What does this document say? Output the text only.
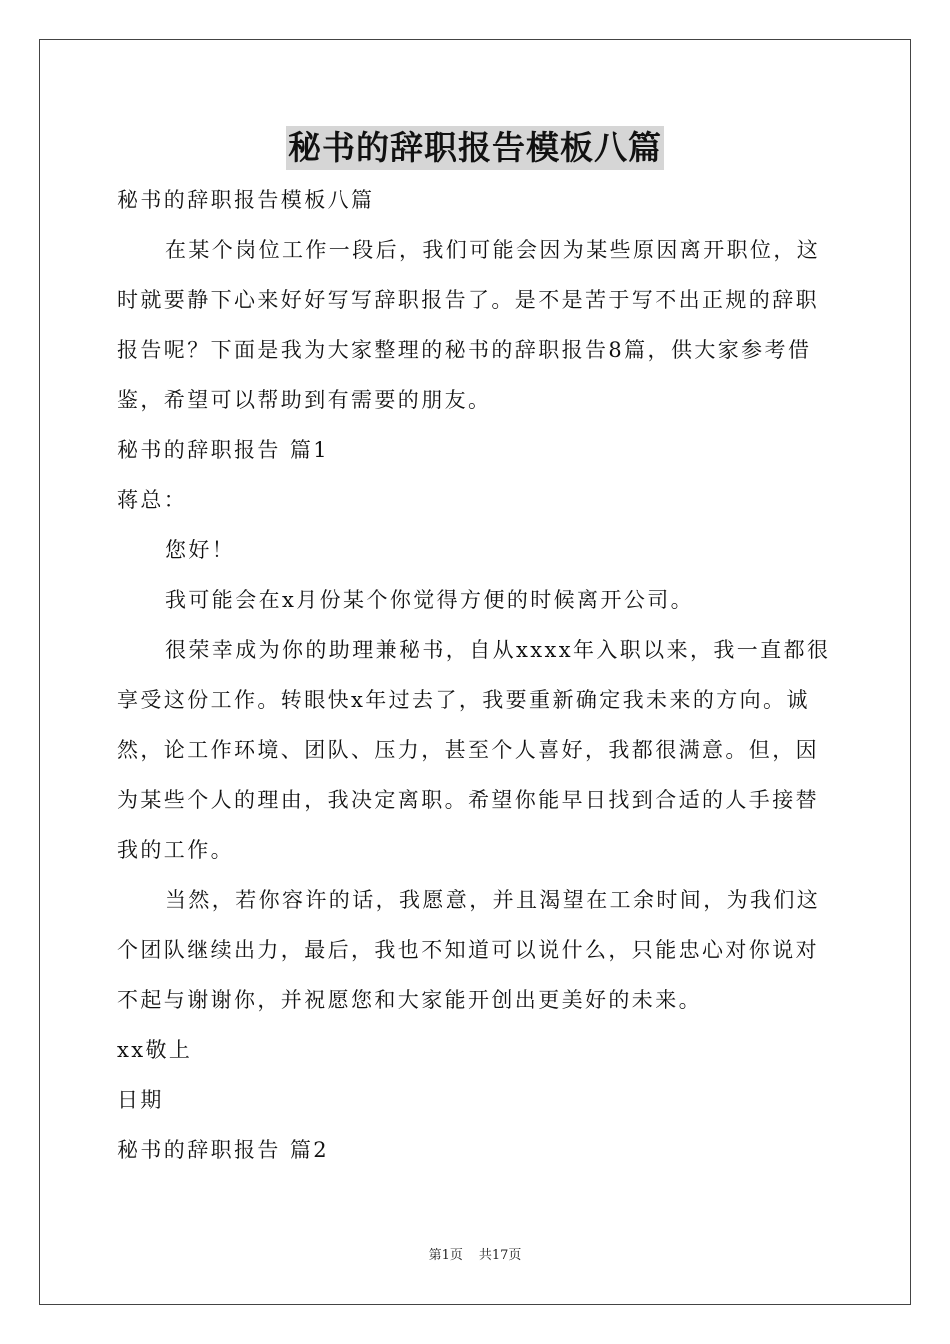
秘书的辞职报告模板八篇

秘书的辞职报告模板八篇

在某个岗位工作一段后，我们可能会因为某些原因离开职位，这时就要静下心来好好写写辞职报告了。是不是苦于写不出正规的辞职报告呢？下面是我为大家整理的秘书的辞职报告8篇，供大家参考借鉴，希望可以帮助到有需要的朋友。

秘书的辞职报告 篇1

蒋总：

您好！

我可能会在x月份某个你觉得方便的时候离开公司。

很荣幸成为你的助理兼秘书，自从xxxx年入职以来，我一直都很享受这份工作。转眼快x年过去了，我要重新确定我未来的方向。诚然，论工作环境、团队、压力，甚至个人喜好，我都很满意。但，因为某些个人的理由，我决定离职。希望你能早日找到合适的人手接替我的工作。

当然，若你容许的话，我愿意，并且渴望在工余时间，为我们这个团队继续出力，最后，我也不知道可以说什么，只能忠心对你说对不起与谢谢你，并祝愿您和大家能开创出更美好的未来。

xx敬上

日期

秘书的辞职报告 篇2

第1页 共17页
